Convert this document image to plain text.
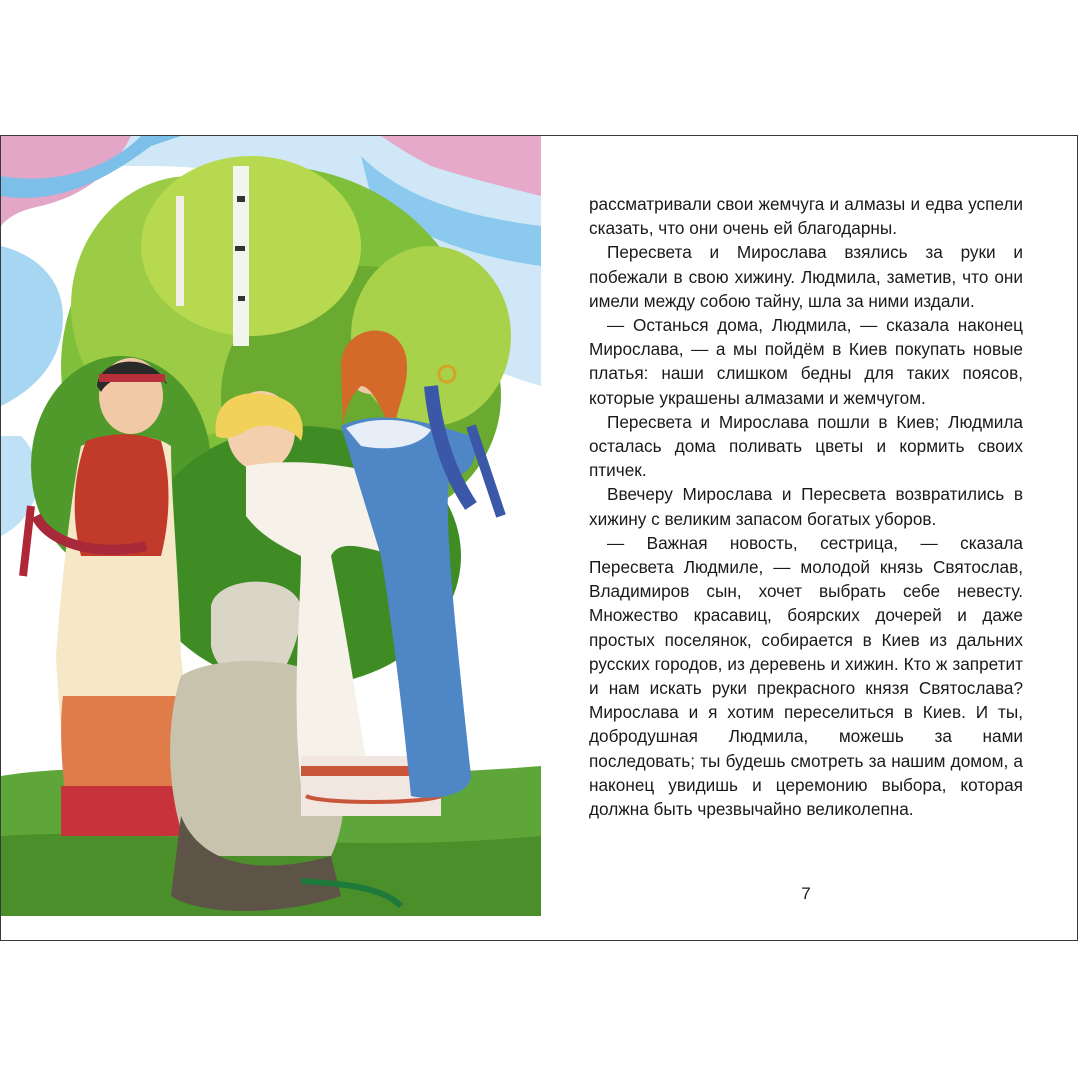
рассматривали свои жемчуга и алмазы и едва успели сказать, что они очень ей благодарны.

Пересвета и Мирослава взялись за руки и побежали в свою хижину. Людмила, заметив, что они имели между собою тайну, шла за ними издали.

— Останься дома, Людмила, — сказала наконец Мирослава, — а мы пойдём в Киев покупать новые платья: наши слишком бедны для таких поясов, которые украшены алмазами и жемчугом.

Пересвета и Мирослава пошли в Киев; Людмила осталась дома поливать цветы и кормить своих птичек.

Ввечеру Мирослава и Пересвета возвратились в хижину с великим запасом богатых уборов.

— Важная новость, сестрица, — сказала Пересвета Людмиле, — молодой князь Святослав, Владимиров сын, хочет выбрать себе невесту. Множество красавиц, боярских дочерей и даже простых поселянок, собирается в Киев из дальних русских городов, из деревень и хижин. Кто ж запретит и нам искать руки прекрасного князя Святослава? Мирослава и я хотим переселиться в Киев. И ты, добродушная Людмила, можешь за нами последовать; ты будешь смотреть за нашим домом, а наконец увидишь и церемонию выбора, которая должна быть чрезвычайно великолепна.

7
